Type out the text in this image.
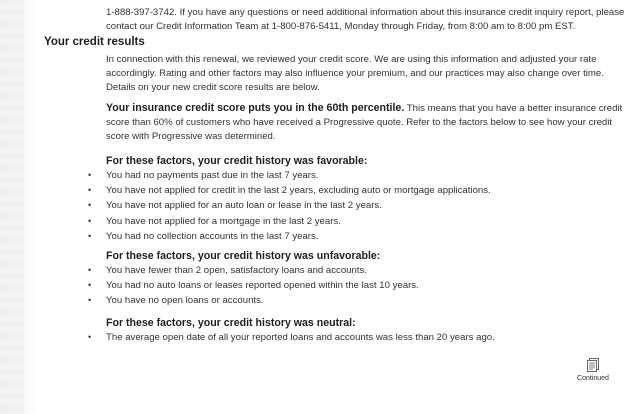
1-888-397-3742. If you have any questions or need additional information about this insurance credit inquiry report, please contact our Credit Information Team at 1-800-876-5411, Monday through Friday, from 8:00 am to 8:00 pm EST.

Your credit results

In connection with this renewal, we reviewed your credit score. We are using this information and adjusted your rate accordingly. Rating and other factors may also influence your premium, and our practices may also change over time. Details on your new credit score results are below.

Your insurance credit score puts you in the 60th percentile. This means that you have a better insurance credit score than 60% of customers who have received a Progressive quote. Refer to the factors below to see how your credit score with Progressive was determined.

For these factors, your credit history was favorable:
• You had no payments past due in the last 7 years.
• You have not applied for credit in the last 2 years, excluding auto or mortgage applications.
• You have not applied for an auto loan or lease in the last 2 years.
• You have not applied for a mortgage in the last 2 years.
• You had no collection accounts in the last 7 years.
For these factors, your credit history was unfavorable:
• You have fewer than 2 open, satisfactory loans and accounts.
• You had no auto loans or leases reported opened within the last 10 years.
• You have no open loans or accounts.
For these factors, your credit history was neutral:
• The average open date of all your reported loans and accounts was less than 20 years ago.
Continued
